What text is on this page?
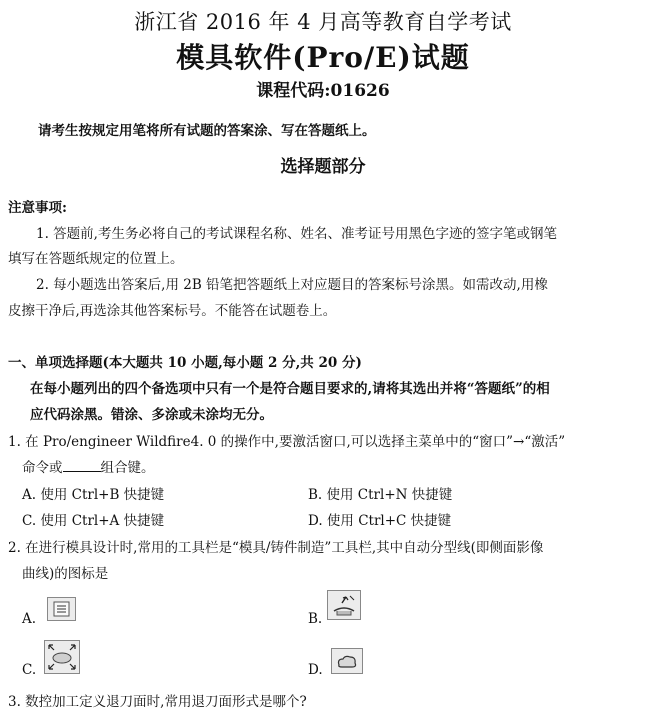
浙江省 2016 年 4 月高等教育自学考试
模具软件(Pro/E)试题
课程代码:01626
请考生按规定用笔将所有试题的答案涂、写在答题纸上。
选择题部分
注意事项:
1. 答题前,考生务必将自己的考试课程名称、姓名、准考证号用黑色字迹的签字笔或钢笔
填写在答题纸规定的位置上。
2. 每小题选出答案后,用 2B 铅笔把答题纸上对应题目的答案标号涂黑。如需改动,用橡
皮擦干净后,再选涂其他答案标号。不能答在试题卷上。
一、单项选择题(本大题共 10 小题,每小题 2 分,共 20 分)
在每小题列出的四个备选项中只有一个是符合题目要求的,请将其选出并将“答题纸”的相
应代码涂黑。错涂、多涂或未涂均无分。
1. 在 Pro/engineer Wildfire4. 0 的操作中,要激活窗口,可以选择主菜单中的“窗口”→“激活”
命令或	组合键。
A. 使用 Ctrl+B 快捷键	B. 使用 Ctrl+N 快捷键
C. 使用 Ctrl+A 快捷键	D. 使用 Ctrl+C 快捷键
2. 在进行模具设计时,常用的工具栏是“模具/铸件制造”工具栏,其中自动分型线(即侧面影像
曲线)的图标是
A.	B.
C.	D.
3. 数控加工定义退刀面时,常用退刀面形式是哪个?
